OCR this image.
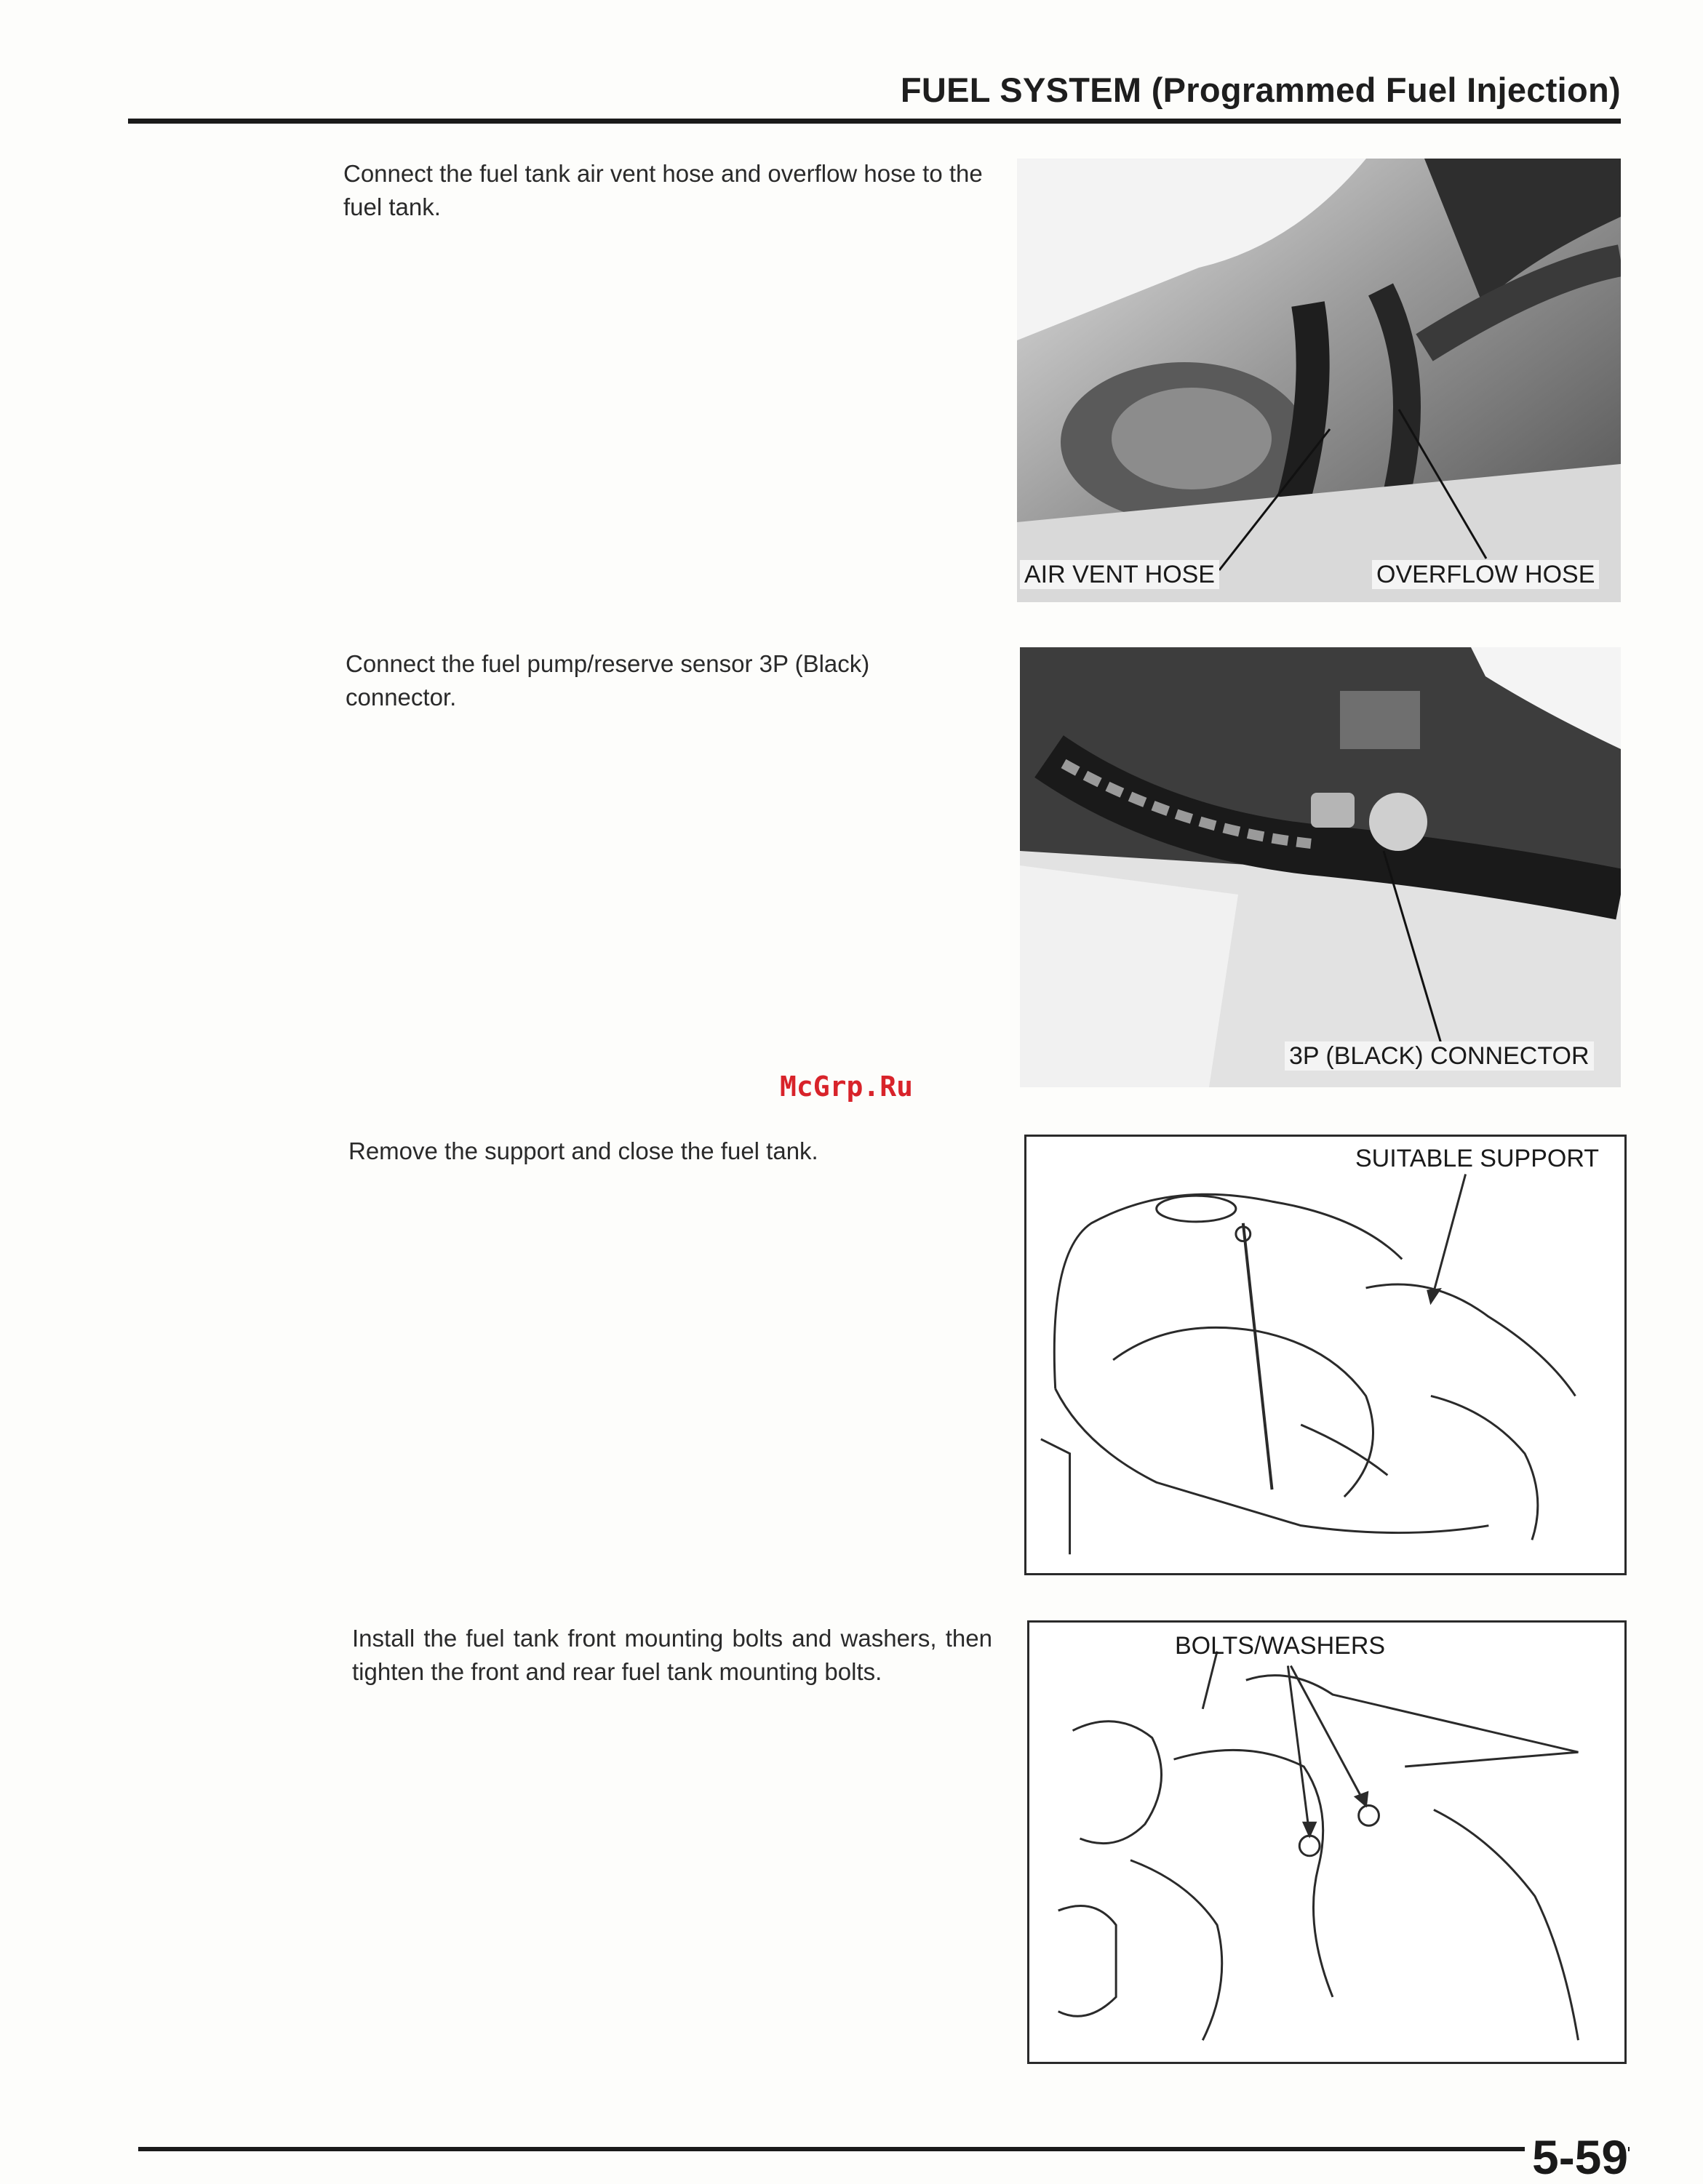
FUEL SYSTEM (Programmed Fuel Injection)
Connect the fuel tank air vent hose and overflow hose to the fuel tank.
AIR VENT HOSE	OVERFLOW HOSE
Connect the fuel pump/reserve sensor 3P (Black) connector.
3P (BLACK) CONNECTOR
McGrp.Ru
Remove the support and close the fuel tank.	SUITABLE SUPPORT
Install the fuel tank front mounting bolts and washers, then tighten the front and rear fuel tank mounting bolts.
BOLTS/WASHERS
5-59
